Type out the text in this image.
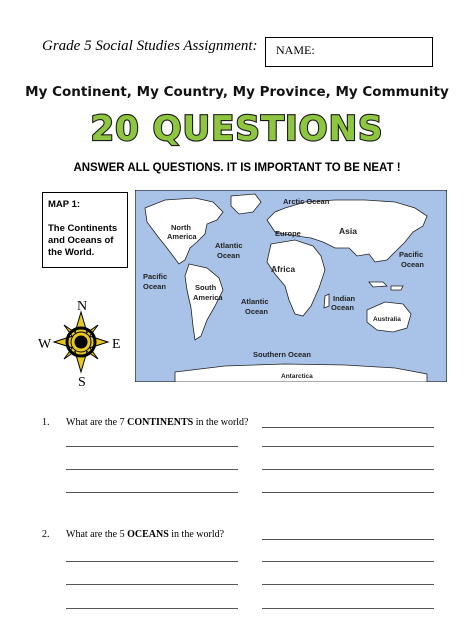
Grade 5 Social Studies Assignment: NAME:
My Continent, My Country, My Province, My Community
20 QUESTIONS
ANSWER ALL QUESTIONS. IT IS IMPORTANT TO BE NEAT !
MAP 1:
The Continents and Oceans of the World.
Arctic Ocean
North
America	Europe	Asia
Atlantic
Ocean
Pacific
Ocean
Pacific
Ocean
Africa
South
America Atlantic
Ocean
Indian
Ocean
Australia
Southern Ocean
Antarctica
N
S
E
W
1. What are the 7 CONTINENTS in the world?
2. What are the 5 OCEANS in the world?
